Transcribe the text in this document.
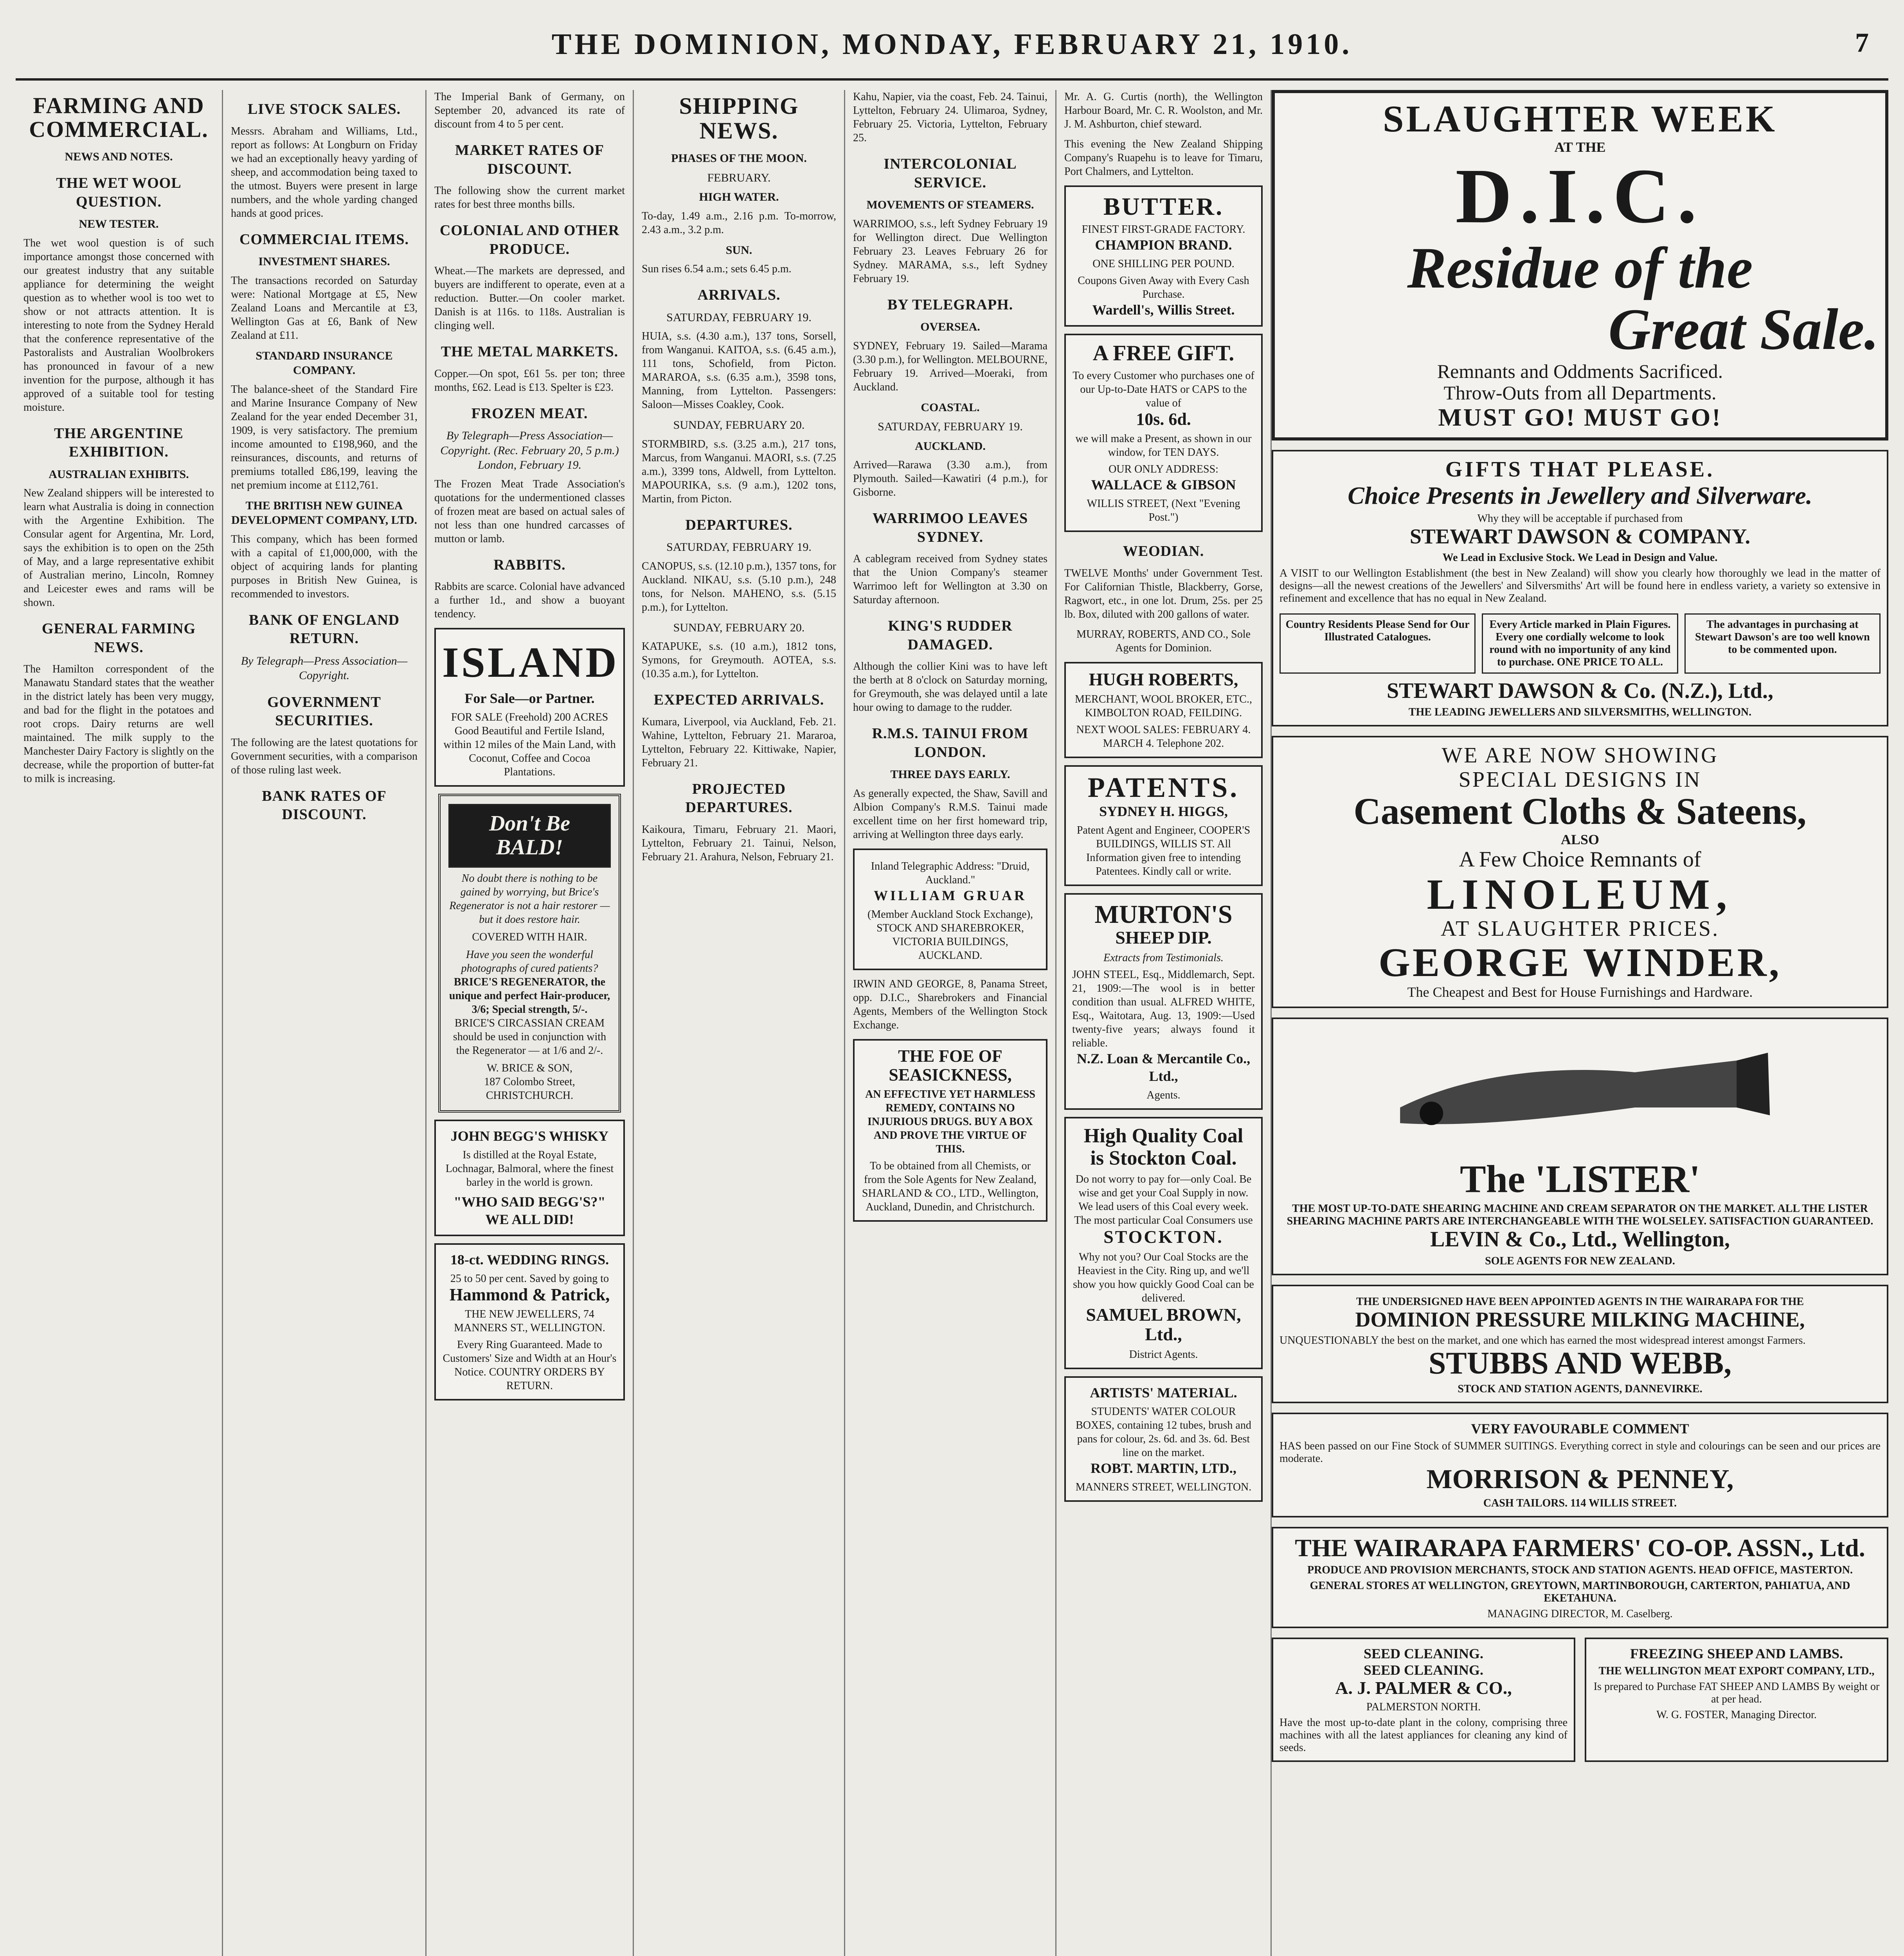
THE DOMINION, MONDAY, FEBRUARY 21, 1910.	7
FARMING AND COMMERCIAL.
NEWS AND NOTES.
THE WET WOOL QUESTION.
NEW TESTER.

The wet wool question is of such importance amongst those concerned with our greatest industry that any suitable appliance for determining the weight question as to whether wool is too wet to show or not attracts attention. It is interesting to note from the Sydney Herald that the conference representative of the Pastoralists and Australian Woolbrokers has pronounced in favour of a new invention for the purpose, although it has approved of a suitable tool for testing moisture.

THE ARGENTINE EXHIBITION.
AUSTRALIAN EXHIBITS.

New Zealand shippers will be interested to learn what Australia is doing in connection with the Argentine Exhibition. The Consular agent for Argentina, Mr. Lord, says the exhibition is to open on the 25th of May, and a large representative exhibit of Australian merino, Lincoln, Romney and Leicester ewes and rams will be shown.

GENERAL FARMING NEWS.

The Hamilton correspondent of the Manawatu Standard states that the weather in the district lately has been very muggy, and bad for the flight in the potatoes and root crops. Dairy returns are well maintained. The milk supply to the Manchester Dairy Factory is slightly on the decrease, while the proportion of butter-fat to milk is increasing.

LIVE STOCK SALES.

Messrs. Abraham and Williams, Ltd., report as follows: At Longburn on Friday we had an exceptionally heavy yarding of sheep, and accommodation being taxed to the utmost. Buyers were present in large numbers, and the whole yarding changed hands at good prices.

COMMERCIAL ITEMS.
INVESTMENT SHARES.

The transactions recorded on Saturday were: National Mortgage at £5, New Zealand Loans and Mercantile at £3, Wellington Gas at £6, Bank of New Zealand at £11.

STANDARD INSURANCE COMPANY.

The balance-sheet of the Standard Fire and Marine Insurance Company of New Zealand for the year ended December 31, 1909, is very satisfactory. The premium income amounted to £198,960, and the reinsurances, discounts, and returns of premiums totalled £86,199, leaving the net premium income at £112,761.

THE BRITISH NEW GUINEA DEVELOPMENT COMPANY, LTD.

This company, which has been formed with a capital of £1,000,000, with the object of acquiring lands for planting purposes in British New Guinea, is recommended to investors.

BANK OF ENGLAND RETURN.
By Telegraph—Press Association—Copyright.
GOVERNMENT SECURITIES.

The following are the latest quotations for Government securities, with a comparison of those ruling last week.

BANK RATES OF DISCOUNT.

The Imperial Bank of Germany, on September 20, advanced its rate of discount from 4 to 5 per cent.

MARKET RATES OF DISCOUNT.

The following show the current market rates for best three months bills.

COLONIAL AND OTHER PRODUCE.

Wheat.—The markets are depressed, and buyers are indifferent to operate, even at a reduction. Butter.—On cooler market. Danish is at 116s. to 118s. Australian is clinging well.

THE METAL MARKETS.

Copper.—On spot, £61 5s. per ton; three months, £62. Lead is £13. Spelter is £23.

FROZEN MEAT.
By Telegraph—Press Association—Copyright. (Rec. February 20, 5 p.m.) London, February 19.

The Frozen Meat Trade Association's quotations for the undermentioned classes of frozen meat are based on actual sales of not less than one hundred carcasses of mutton or lamb.

RABBITS.

Rabbits are scarce. Colonial have advanced a further 1d., and show a buoyant tendency.

ISLAND
For Sale—or Partner.
FOR SALE (Freehold) 200 ACRES Good Beautiful and Fertile Island, within 12 miles of the Main Land, with Coconut, Coffee and Cocoa Plantations.
Don't Be BALD!
No doubt there is nothing to be gained by worrying, but Brice's Regenerator is not a hair restorer — but it does restore hair.
COVERED WITH HAIR.
Have you seen the wonderful photographs of cured patients?
BRICE'S REGENERATOR, the unique and perfect Hair-producer, 3/6; Special strength, 5/-.
BRICE'S CIRCASSIAN CREAM should be used in conjunction with the Regenerator — at 1/6 and 2/-.
W. BRICE & SON,
187 Colombo Street, CHRISTCHURCH.
JOHN BEGG'S WHISKY
Is distilled at the Royal Estate, Lochnagar, Balmoral, where the finest barley in the world is grown.
"WHO SAID BEGG'S?" WE ALL DID!
18-ct. WEDDING RINGS.
25 to 50 per cent. Saved by going to
Hammond & Patrick,
THE NEW JEWELLERS, 74 MANNERS ST., WELLINGTON.
Every Ring Guaranteed. Made to Customers' Size and Width at an Hour's Notice. COUNTRY ORDERS BY RETURN.
SHIPPING NEWS.
PHASES OF THE MOON.
FEBRUARY.
HIGH WATER.

To-day, 1.49 a.m., 2.16 p.m. To-morrow, 2.43 a.m., 3.2 p.m.

SUN.

Sun rises 6.54 a.m.; sets 6.45 p.m.

ARRIVALS.
SATURDAY, FEBRUARY 19.

HUIA, s.s. (4.30 a.m.), 137 tons, Sorsell, from Wanganui. KAITOA, s.s. (6.45 a.m.), 111 tons, Schofield, from Picton. MARAROA, s.s. (6.35 a.m.), 3598 tons, Manning, from Lyttelton. Passengers: Saloon—Misses Coakley, Cook.

SUNDAY, FEBRUARY 20.

STORMBIRD, s.s. (3.25 a.m.), 217 tons, Marcus, from Wanganui. MAORI, s.s. (7.25 a.m.), 3399 tons, Aldwell, from Lyttelton. MAPOURIKA, s.s. (9 a.m.), 1202 tons, Martin, from Picton.

DEPARTURES.
SATURDAY, FEBRUARY 19.

CANOPUS, s.s. (12.10 p.m.), 1357 tons, for Auckland. NIKAU, s.s. (5.10 p.m.), 248 tons, for Nelson. MAHENO, s.s. (5.15 p.m.), for Lyttelton.

SUNDAY, FEBRUARY 20.

KATAPUKE, s.s. (10 a.m.), 1812 tons, Symons, for Greymouth. AOTEA, s.s. (10.35 a.m.), for Lyttelton.

EXPECTED ARRIVALS.

Kumara, Liverpool, via Auckland, Feb. 21. Wahine, Lyttelton, February 21. Mararoa, Lyttelton, February 22. Kittiwake, Napier, February 21.

PROJECTED DEPARTURES.

Kaikoura, Timaru, February 21. Maori, Lyttelton, February 21. Tainui, Nelson, February 21. Arahura, Nelson, February 21.

Kahu, Napier, via the coast, Feb. 24. Tainui, Lyttelton, February 24. Ulimaroa, Sydney, February 25. Victoria, Lyttelton, February 25.

INTERCOLONIAL SERVICE.
MOVEMENTS OF STEAMERS.

WARRIMOO, s.s., left Sydney February 19 for Wellington direct. Due Wellington February 23. Leaves February 26 for Sydney. MARAMA, s.s., left Sydney February 19.

BY TELEGRAPH.
OVERSEA.

SYDNEY, February 19. Sailed—Marama (3.30 p.m.), for Wellington. MELBOURNE, February 19. Arrived—Moeraki, from Auckland.

COASTAL.
SATURDAY, FEBRUARY 19.
AUCKLAND.

Arrived—Rarawa (3.30 a.m.), from Plymouth. Sailed—Kawatiri (4 p.m.), for Gisborne.

WARRIMOO LEAVES SYDNEY.

A cablegram received from Sydney states that the Union Company's steamer Warrimoo left for Wellington at 3.30 on Saturday afternoon.

KING'S RUDDER DAMAGED.

Although the collier Kini was to have left the berth at 8 o'clock on Saturday morning, for Greymouth, she was delayed until a late hour owing to damage to the rudder.

R.M.S. TAINUI FROM LONDON.
THREE DAYS EARLY.

As generally expected, the Shaw, Savill and Albion Company's R.M.S. Tainui made excellent time on her first homeward trip, arriving at Wellington three days early.

Inland Telegraphic Address: "Druid, Auckland."
WILLIAM GRUAR
(Member Auckland Stock Exchange), STOCK AND SHAREBROKER, VICTORIA BUILDINGS, AUCKLAND.

IRWIN AND GEORGE, 8, Panama Street, opp. D.I.C., Sharebrokers and Financial Agents, Members of the Wellington Stock Exchange.

THE FOE OF SEASICKNESS,
AN EFFECTIVE YET HARMLESS REMEDY, CONTAINS NO INJURIOUS DRUGS. BUY A BOX AND PROVE THE VIRTUE OF THIS.
To be obtained from all Chemists, or from the Sole Agents for New Zealand, SHARLAND & CO., LTD., Wellington, Auckland, Dunedin, and Christchurch.

Mr. A. G. Curtis (north), the Wellington Harbour Board, Mr. C. R. Woolston, and Mr. J. M. Ashburton, chief steward.

This evening the New Zealand Shipping Company's Ruapehu is to leave for Timaru, Port Chalmers, and Lyttelton.

BUTTER.
FINEST FIRST-GRADE FACTORY.
CHAMPION BRAND.
ONE SHILLING PER POUND.
Coupons Given Away with Every Cash Purchase.
Wardell's, Willis Street.
A FREE GIFT.
To every Customer who purchases one of our Up-to-Date HATS or CAPS to the value of
10s. 6d.
we will make a Present, as shown in our window, for TEN DAYS.
OUR ONLY ADDRESS:
WALLACE & GIBSON
WILLIS STREET, (Next "Evening Post.")
WEODIAN.

TWELVE Months' under Government Test. For Californian Thistle, Blackberry, Gorse, Ragwort, etc., in one lot. Drum, 25s. per 25 lb. Box, diluted with 200 gallons of water.

MURRAY, ROBERTS, AND CO., Sole Agents for Dominion.

HUGH ROBERTS,
MERCHANT, WOOL BROKER, ETC., KIMBOLTON ROAD, FEILDING.
NEXT WOOL SALES: FEBRUARY 4. MARCH 4. Telephone 202.
PATENTS.
SYDNEY H. HIGGS,
Patent Agent and Engineer, COOPER'S BUILDINGS, WILLIS ST. All Information given free to intending Patentees. Kindly call or write.
MURTON'S
SHEEP DIP.
Extracts from Testimonials.
JOHN STEEL, Esq., Middlemarch, Sept. 21, 1909:—The wool is in better condition than usual. ALFRED WHITE, Esq., Waitotara, Aug. 13, 1909:—Used twenty-five years; always found it reliable.
N.Z. Loan & Mercantile Co., Ltd.,
Agents.
High Quality Coal
is Stockton Coal.
Do not worry to pay for—only Coal. Be wise and get your Coal Supply in now. We lead users of this Coal every week. The most particular Coal Consumers use
STOCKTON.
Why not you? Our Coal Stocks are the Heaviest in the City. Ring up, and we'll show you how quickly Good Coal can be delivered.
SAMUEL BROWN, Ltd.,
District Agents.
ARTISTS' MATERIAL.
STUDENTS' WATER COLOUR BOXES, containing 12 tubes, brush and pans for colour, 2s. 6d. and 3s. 6d. Best line on the market.
ROBT. MARTIN, LTD.,
MANNERS STREET, WELLINGTON.
SLAUGHTER WEEK
AT THE
D.I.C.
Residue of the
Great Sale.
Remnants and Oddments Sacrificed.
Throw-Outs from all Departments.
MUST GO! MUST GO!
GIFTS THAT PLEASE.
Choice Presents in Jewellery and Silverware.
Why they will be acceptable if purchased from
STEWART DAWSON & COMPANY.
We Lead in Exclusive Stock. We Lead in Design and Value.
A VISIT to our Wellington Establishment (the best in New Zealand) will show you clearly how thoroughly we lead in the matter of designs—all the newest creations of the Jewellers' and Silversmiths' Art will be found here in endless variety, a variety so extensive in refinement and excellence that has no equal in New Zealand.
Country Residents Please Send for Our Illustrated Catalogues.
Every Article marked in Plain Figures. Every one cordially welcome to look round with no importunity of any kind to purchase. ONE PRICE TO ALL.
The advantages in purchasing at Stewart Dawson's are too well known to be commented upon.
STEWART DAWSON & Co. (N.Z.), Ltd.,
THE LEADING JEWELLERS AND SILVERSMITHS, WELLINGTON.
WE ARE NOW SHOWING
SPECIAL DESIGNS IN
Casement Cloths & Sateens,
ALSO
A Few Choice Remnants of
LINOLEUM,
AT SLAUGHTER PRICES.
GEORGE WINDER,
The Cheapest and Best for House Furnishings and Hardware.
The 'LISTER'
THE MOST UP-TO-DATE SHEARING MACHINE AND CREAM SEPARATOR ON THE MARKET. ALL THE LISTER SHEARING MACHINE PARTS ARE INTERCHANGEABLE WITH THE WOLSELEY. SATISFACTION GUARANTEED.
LEVIN & Co., Ltd., Wellington,
SOLE AGENTS FOR NEW ZEALAND.
THE UNDERSIGNED HAVE BEEN APPOINTED AGENTS IN THE WAIRARAPA FOR THE
DOMINION PRESSURE MILKING MACHINE,
UNQUESTIONABLY the best on the market, and one which has earned the most widespread interest amongst Farmers.
STUBBS AND WEBB,
STOCK AND STATION AGENTS, DANNEVIRKE.
VERY FAVOURABLE COMMENT
HAS been passed on our Fine Stock of SUMMER SUITINGS. Everything correct in style and colourings can be seen and our prices are moderate.
MORRISON & PENNEY,
CASH TAILORS. 114 WILLIS STREET.
THE WAIRARAPA FARMERS' CO-OP. ASSN., Ltd.
PRODUCE AND PROVISION MERCHANTS, STOCK AND STATION AGENTS. HEAD OFFICE, MASTERTON.
GENERAL STORES AT WELLINGTON, GREYTOWN, MARTINBOROUGH, CARTERTON, PAHIATUA, AND EKETAHUNA.
MANAGING DIRECTOR, M. Caselberg.
SEED CLEANING.
SEED CLEANING.
A. J. PALMER & CO.,
PALMERSTON NORTH.
Have the most up-to-date plant in the colony, comprising three machines with all the latest appliances for cleaning any kind of seeds.
FREEZING SHEEP AND LAMBS.
THE WELLINGTON MEAT EXPORT COMPANY, LTD.,
Is prepared to Purchase FAT SHEEP AND LAMBS By weight or at per head.
W. G. FOSTER, Managing Director.
